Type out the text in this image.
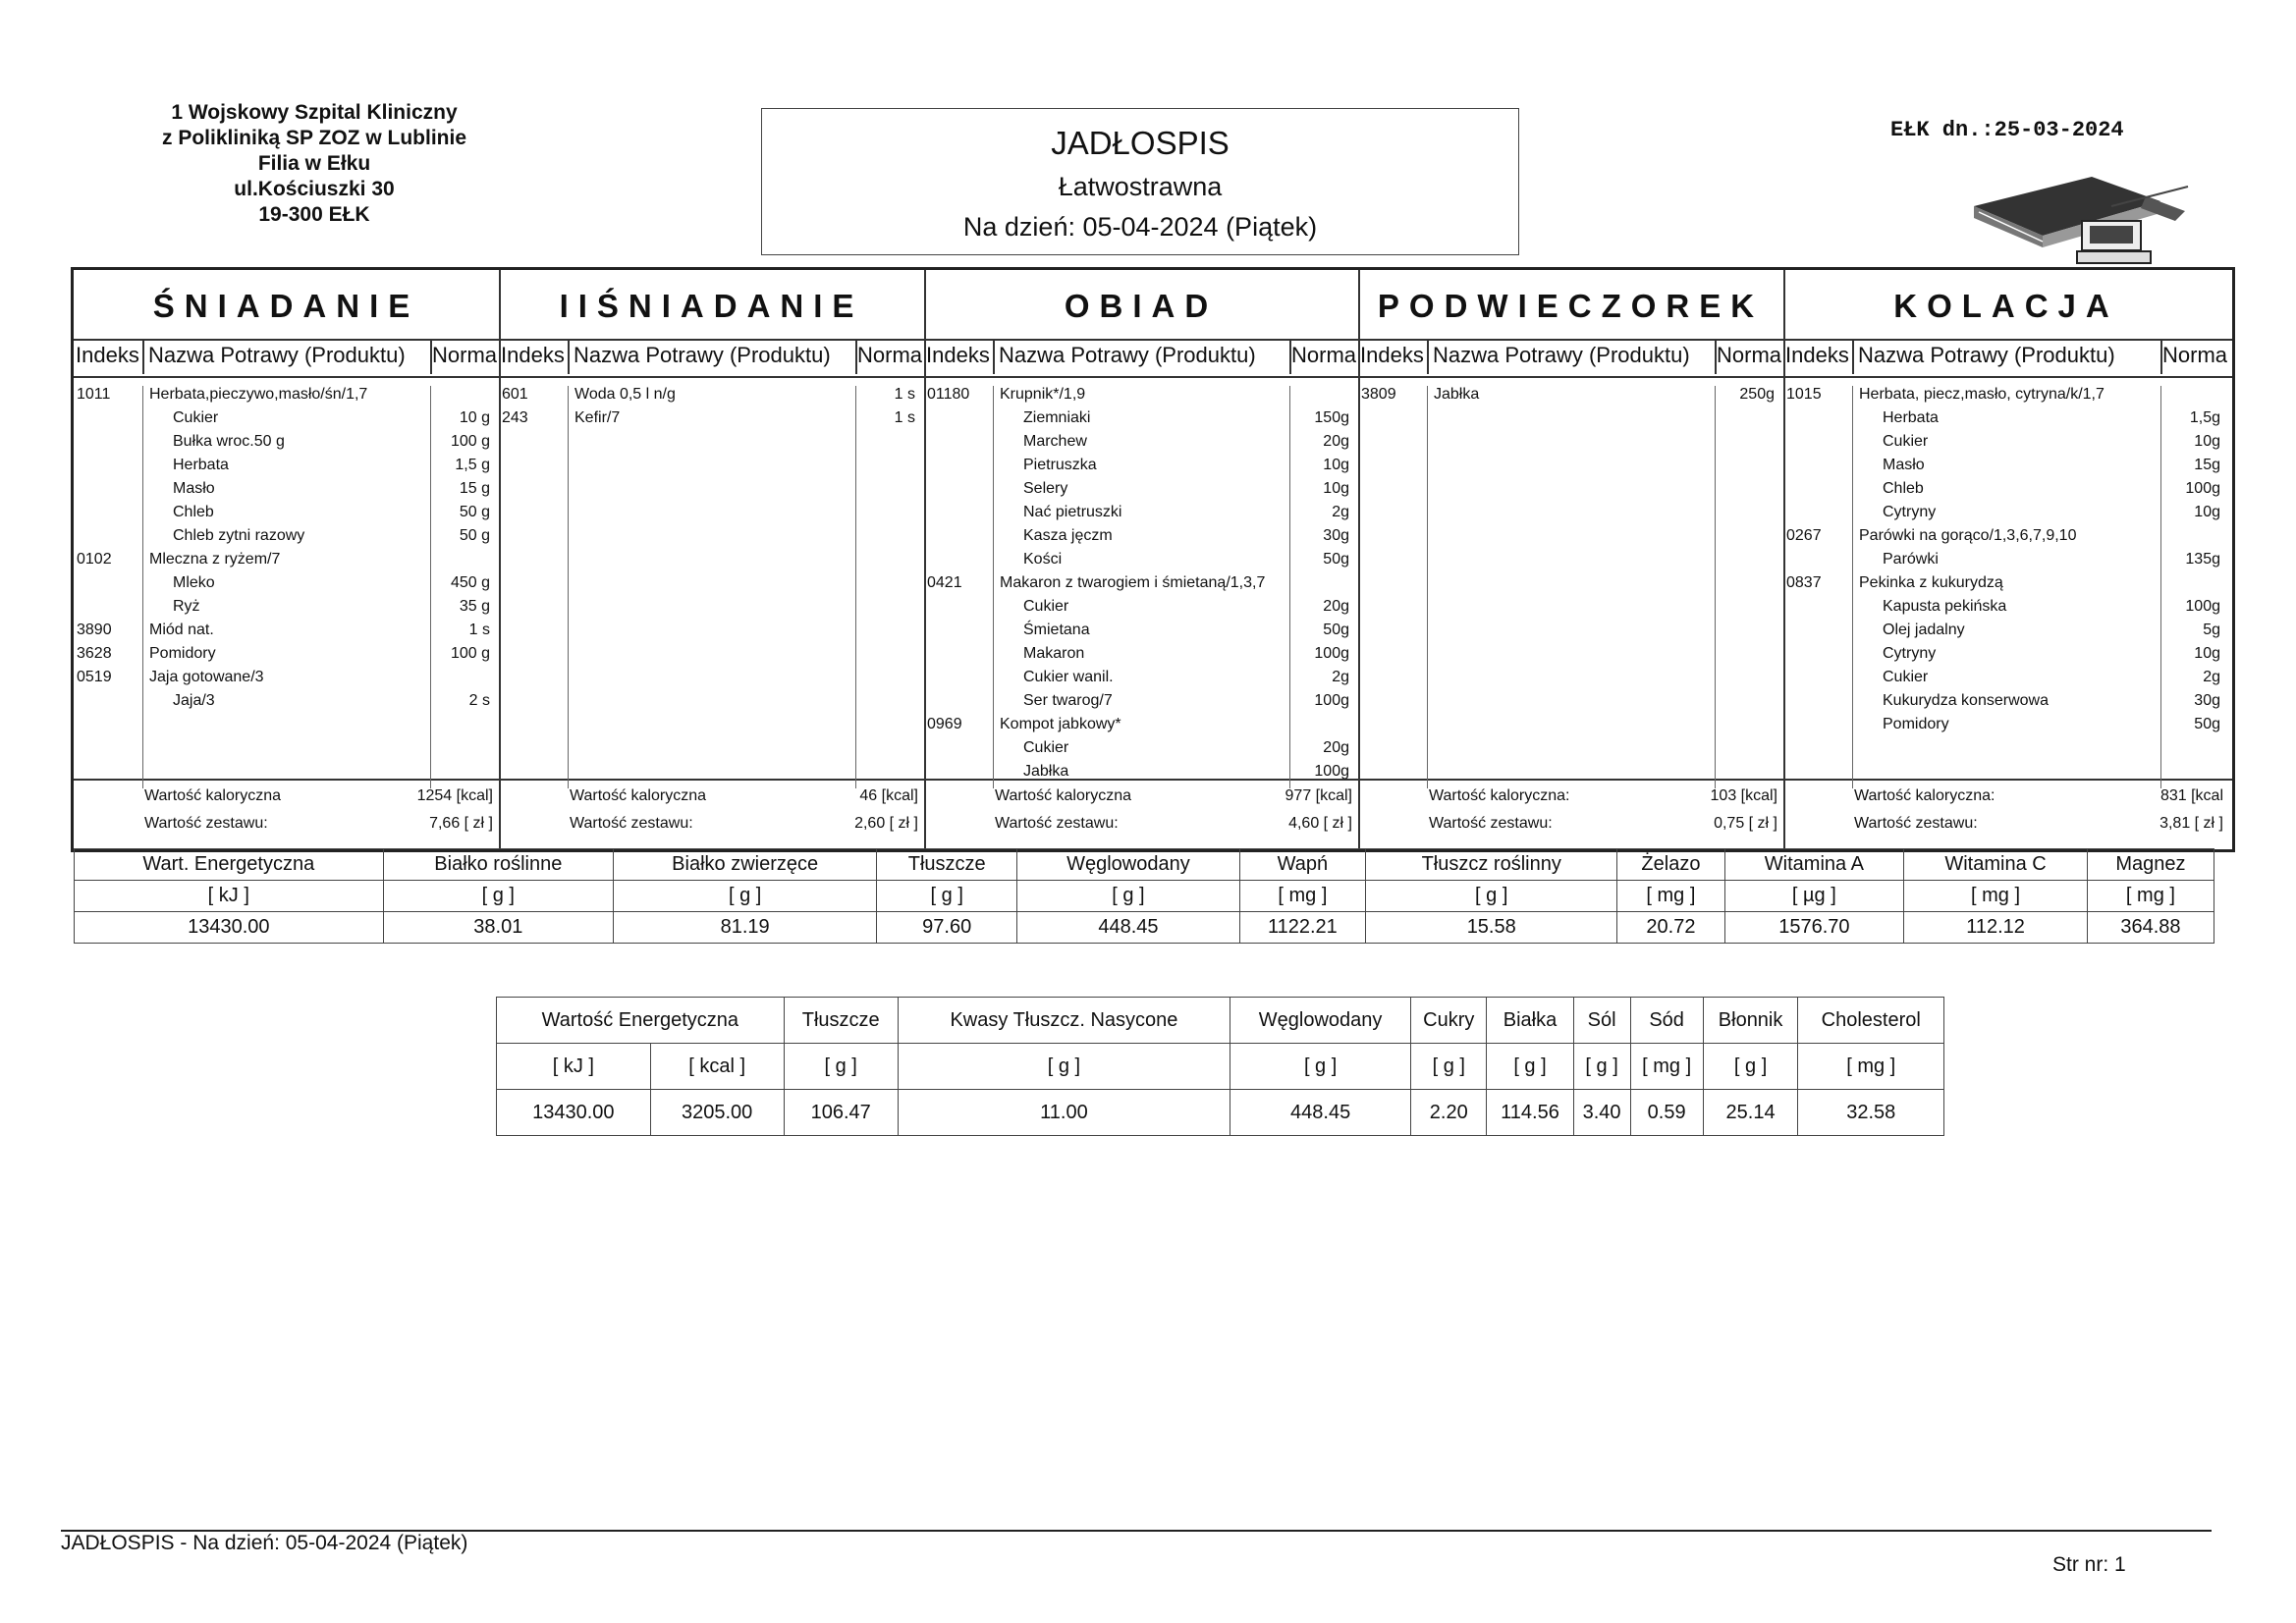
1 Wojskowy Szpital Kliniczny
z Polikliniką SP ZOZ w Lublinie
Filia w Ełku
ul.Kościuszki 30
19-300 EŁK
JADŁOSPIS
Łatwostrawna
Na dzień: 05-04-2024 (Piątek)
EŁK dn.:25-03-2024
ŚNIADANIE	IIŚNIADANIE	OBIAD	PODWIECZOREK	KOLACJA
Indeks Nazwa Potrawy (Produktu) Norma
1011 Herbata,pieczywo,masło/śn/1,7
Cukier	10 g
Bułka wroc.50 g	100 g
Herbata	1,5 g
Masło	15 g
Chleb	50 g
Chleb zytni razowy	50 g
0102 Mleczna z ryżem/7
Mleko	450 g
Ryż	35 g
3890 Miód nat.	1 s
3628 Pomidory	100 g
0519 Jaja gotowane/3
Jaja/3	2 s
Wartość kaloryczna	1254 [kcal]
Wartość zestawu:	7,66 [ zł ]
Indeks Nazwa Potrawy (Produktu) Norma
601	Woda 0,5 l n/g	1 s
243	Kefir/7	1 s
Wartość kaloryczna	46 [kcal]
Wartość zestawu:	2,60 [ zł ]
Indeks Nazwa Potrawy (Produktu) Norma
01180 Krupnik*/1,9
Ziemniaki	150g
Marchew	20g
Pietruszka	10g
Selery	10g
Nać pietruszki	2g
Kasza jęczm	30g
Kości	50g
0421 Makaron z twarogiem i śmietaną/1,3,7
Cukier	20g
Śmietana	50g
Makaron	100g
Cukier wanil.	2g
Ser twarog/7	100g
0969 Kompot jabkowy*
Cukier	20g
Jabłka	100g
Wartość kaloryczna	977 [kcal]
Wartość zestawu:	4,60 [ zł ]
Indeks Nazwa Potrawy (Produktu) Norma
3809 Jabłka	250g
Wartość kaloryczna:	103 [kcal]
Wartość zestawu:	0,75 [ zł ]
Indeks Nazwa Potrawy (Produktu) Norma
1015 Herbata, piecz,masło, cytryna/k/1,7
Herbata	1,5g
Cukier	10g
Masło	15g
Chleb	100g
Cytryny	10g
0267 Parówki na gorąco/1,3,6,7,9,10
Parówki	135g
0837 Pekinka z kukurydzą
Kapusta pekińska	100g
Olej jadalny	5g
Cytryny	10g
Cukier	2g
Kukurydza konserwowa	30g
Pomidory	50g
Wartość kaloryczna:	831 [kcal
Wartość zestawu:	3,81 [ zł ]
Wart. Energetyczna	Białko roślinne	Białko zwierzęce	Tłuszcze	Węglowodany	Wapń	Tłuszcz roślinny	Żelazo	Witamina A	Witamina C	Magnez
[ kJ ]	[ g ]	[ g ]	[ g ]	[ g ]	[ mg ]	[ g ]	[ mg ]	[ µg ]	[ mg ]	[ mg ]
13430.00	38.01	81.19	97.60	448.45	1122.21	15.58	20.72	1576.70	112.12	364.88
Wartość Energetyczna		Tłuszcze	Kwasy Tłuszcz. Nasycone	Węglowodany	Cukry	Białka	Sól	Sód	Błonnik	Cholesterol
[ kJ ]	[ kcal ]	[ g ]	[ g ]	[ g ]	[ g ]	[ g ]	[ g ]	[ mg ]	[ g ]	[ mg ]
13430.00	3205.00	106.47	11.00	448.45	2.20	114.56	3.40	0.59	25.14	32.58
JADŁOSPIS - Na dzień: 05-04-2024 (Piątek)
Str nr: 1
